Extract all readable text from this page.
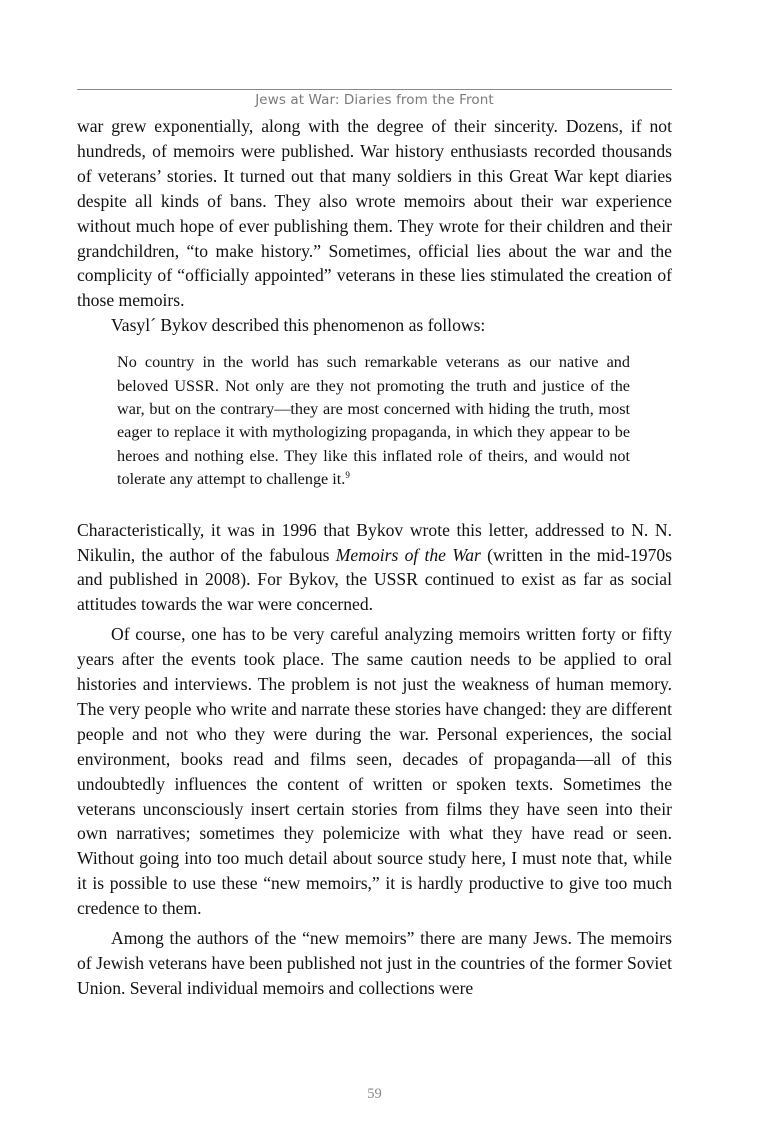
Jews at War: Diaries from the Front

war grew exponentially, along with the degree of their sincerity. Dozens, if not hundreds, of memoirs were published. War history enthusiasts recorded thousands of veterans’ stories. It turned out that many soldiers in this Great War kept diaries despite all kinds of bans. They also wrote memoirs about their war experience without much hope of ever publishing them. They wrote for their children and their grandchildren, “to make history.” Sometimes, official lies about the war and the complicity of “officially appointed” veterans in these lies stimulated the creation of those memoirs.

Vasyl´ Bykov described this phenomenon as follows:

No country in the world has such remarkable veterans as our native and beloved USSR. Not only are they not promoting the truth and justice of the war, but on the contrary—they are most concerned with hiding the truth, most eager to replace it with mythologizing propaganda, in which they appear to be heroes and nothing else. They like this inflated role of theirs, and would not tolerate any attempt to challenge it.$^9$

Characteristically, it was in 1996 that Bykov wrote this letter, addressed to N. N. Nikulin, the author of the fabulous Memoirs of the War (written in the mid-1970s and published in 2008). For Bykov, the USSR continued to exist as far as social attitudes towards the war were concerned.

Of course, one has to be very careful analyzing memoirs written forty or fifty years after the events took place. The same caution needs to be applied to oral histories and interviews. The problem is not just the weakness of human memory. The very people who write and narrate these stories have changed: they are different people and not who they were during the war. Personal experiences, the social environment, books read and films seen, decades of propaganda—all of this undoubtedly influences the content of written or spoken texts. Sometimes the veterans unconsciously insert certain stories from films they have seen into their own narratives; sometimes they polemicize with what they have read or seen. Without going into too much detail about source study here, I must note that, while it is possible to use these “new memoirs,” it is hardly productive to give too much credence to them.

Among the authors of the “new memoirs” there are many Jews. The memoirs of Jewish veterans have been published not just in the countries of the former Soviet Union. Several individual memoirs and collections were

59
